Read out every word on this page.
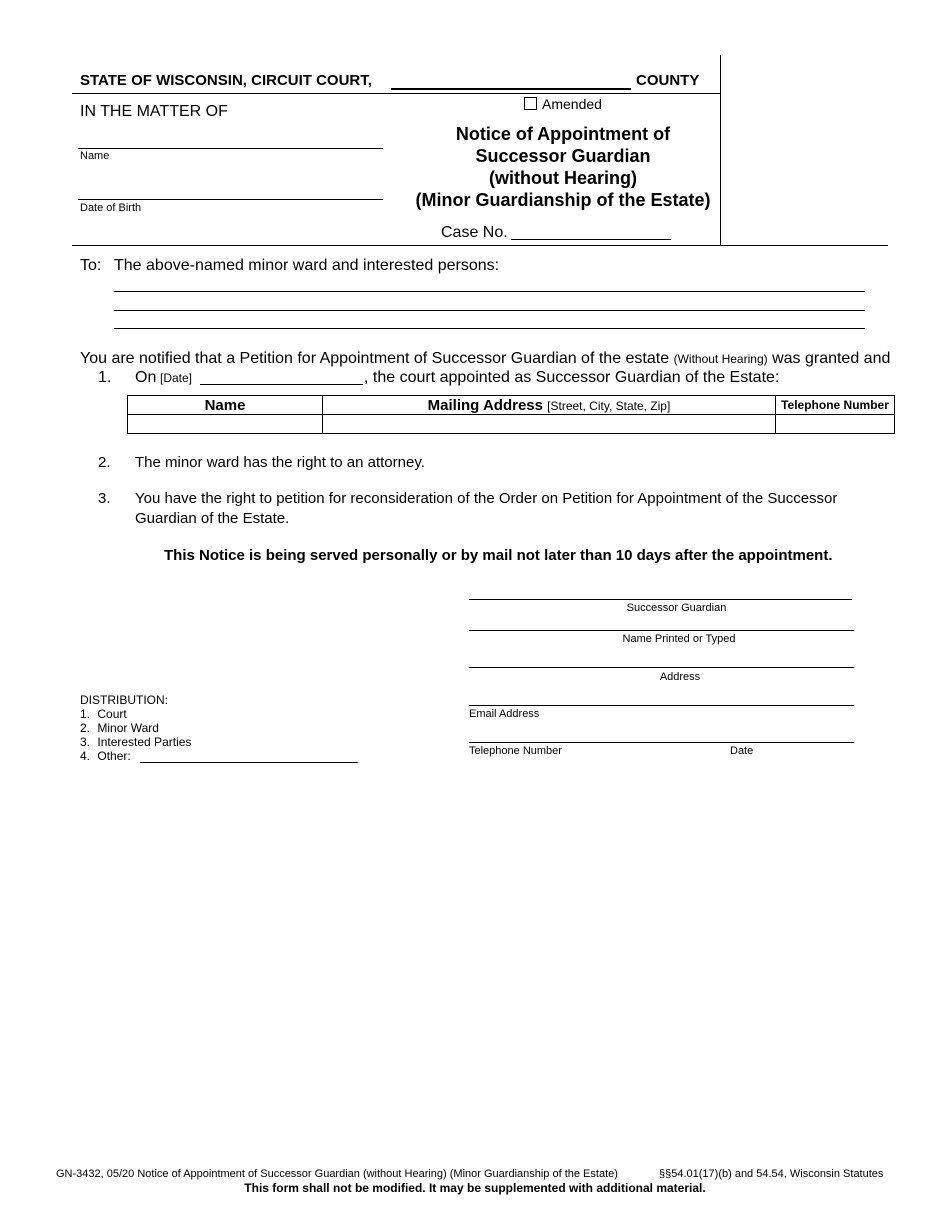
STATE OF WISCONSIN, CIRCUIT COURT,	COUNTY
Amended
IN THE MATTER OF
Name
Date of Birth
Notice of Appointment of
Successor Guardian
(without Hearing)
(Minor Guardianship of the Estate)
Case No.
To: The above-named minor ward and interested persons:
You are notified that a Petition for Appointment of Successor Guardian of the estate (Without Hearing) was granted and
1. On [Date]	, the court appointed as Successor Guardian of the Estate:
Name	Mailing Address [Street, City, State, Zip]	Telephone Number

2. The minor ward has the right to an attorney.
3. You have the right to petition for reconsideration of the Order on Petition for Appointment of the Successor
Guardian of the Estate.
This Notice is being served personally or by mail not later than 10 days after the appointment.
Successor Guardian
Name Printed or Typed
Address
Email Address
Telephone Number	Date
DISTRIBUTION:
1. Court
2. Minor Ward
3. Interested Parties
4. Other:
GN-3432, 05/20 Notice of Appointment of Successor Guardian (without Hearing) (Minor Guardianship of the Estate)	§§54.01(17)(b) and 54.54, Wisconsin Statutes
This form shall not be modified. It may be supplemented with additional material.
